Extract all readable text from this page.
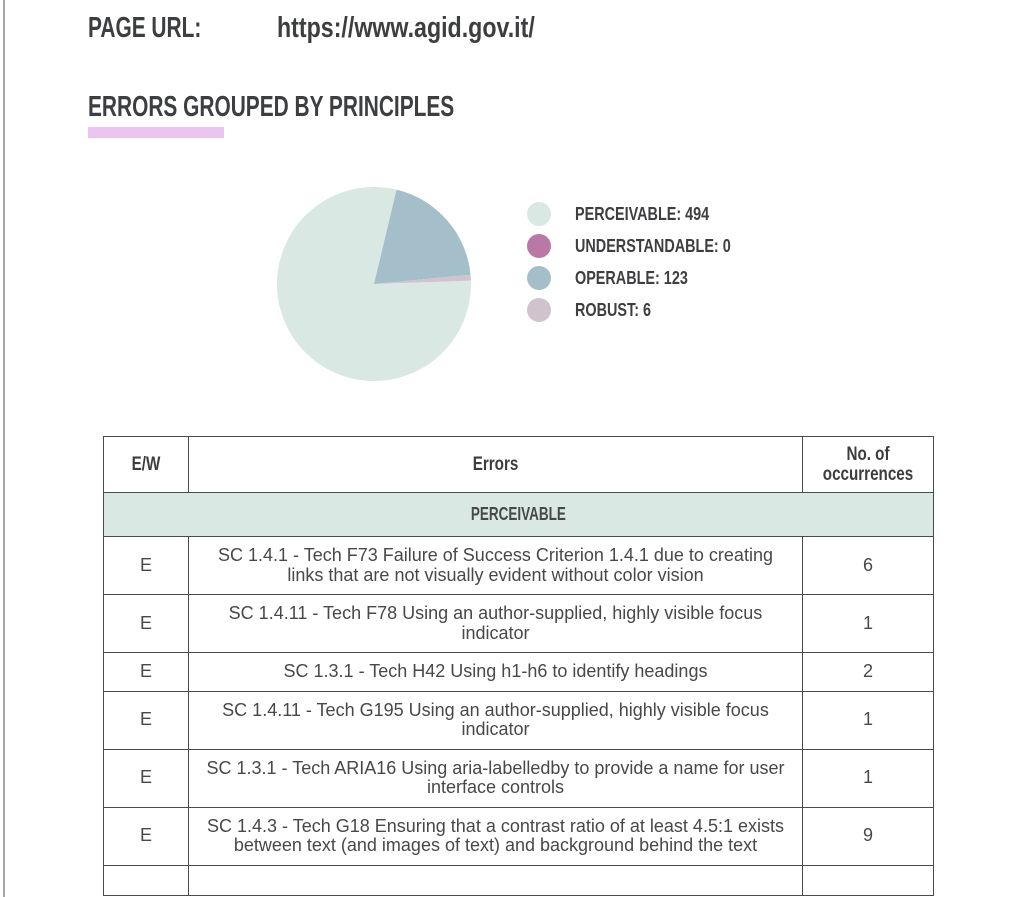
PAGE URL:	https://www.agid.gov.it/
ERRORS GROUPED BY PRINCIPLES
PERCEIVABLE: 494
UNDERSTANDABLE: 0
OPERABLE: 123
ROBUST: 6
E/W	Errors	No. of occurrences
PERCEIVABLE		
E	SC 1.4.1 - Tech F73 Failure of Success Criterion 1.4.1 due to creating links that are not visually evident without color vision	6
E	SC 1.4.11 - Tech F78 Using an author-supplied, highly visible focus indicator	1
E	SC 1.3.1 - Tech H42 Using h1-h6 to identify headings	2
E	SC 1.4.11 - Tech G195 Using an author-supplied, highly visible focus indicator	1
E	SC 1.3.1 - Tech ARIA16 Using aria-labelledby to provide a name for user interface controls	1
E	SC 1.4.3 - Tech G18 Ensuring that a contrast ratio of at least 4.5:1 exists between text (and images of text) and background behind the text	9
